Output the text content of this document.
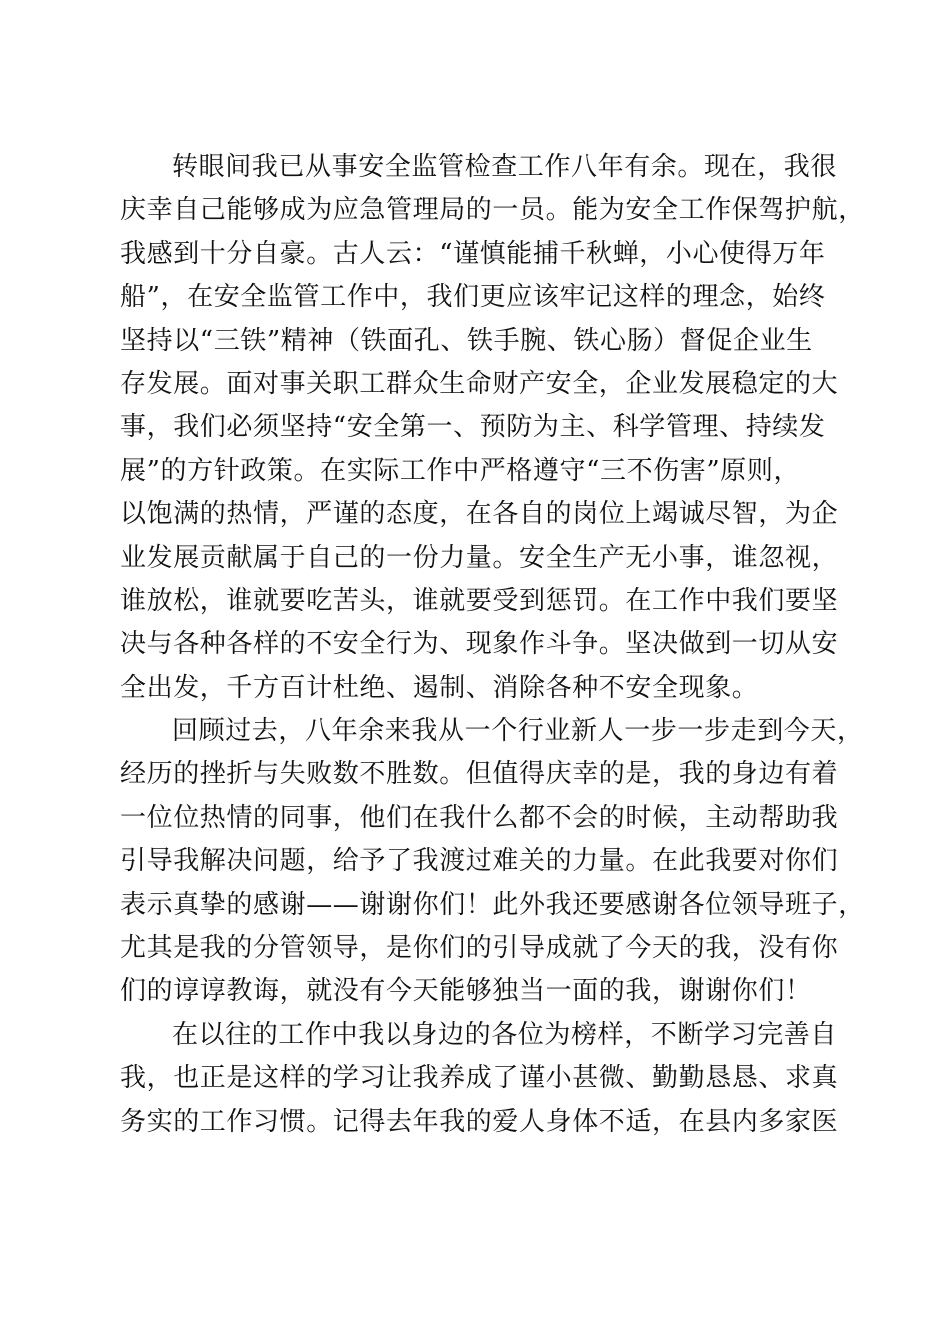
转眼间我已从事安全监管检查工作八年有余。现在，我很
庆幸自己能够成为应急管理局的一员。能为安全工作保驾护航，
我感到十分自豪。古人云：“谨慎能捕千秋蝉，小心使得万年
船”，在安全监管工作中，我们更应该牢记这样的理念，始终
坚持以“三铁”精神（铁面孔、铁手腕、铁心肠）督促企业生
存发展。面对事关职工群众生命财产安全，企业发展稳定的大
事，我们必须坚持“安全第一、预防为主、科学管理、持续发
展”的方针政策。在实际工作中严格遵守“三不伤害”原则，
以饱满的热情，严谨的态度，在各自的岗位上竭诚尽智，为企
业发展贡献属于自己的一份力量。安全生产无小事，谁忽视，
谁放松，谁就要吃苦头，谁就要受到惩罚。在工作中我们要坚
决与各种各样的不安全行为、现象作斗争。坚决做到一切从安
全出发，千方百计杜绝、遏制、消除各种不安全现象。
回顾过去，八年余来我从一个行业新人一步一步走到今天，
经历的挫折与失败数不胜数。但值得庆幸的是，我的身边有着
一位位热情的同事，他们在我什么都不会的时候，主动帮助我
引导我解决问题，给予了我渡过难关的力量。在此我要对你们
表示真挚的感谢——谢谢你们！此外我还要感谢各位领导班子，
尤其是我的分管领导，是你们的引导成就了今天的我，没有你
们的谆谆教诲，就没有今天能够独当一面的我，谢谢你们！
在以往的工作中我以身边的各位为榜样，不断学习完善自
我，也正是这样的学习让我养成了谨小甚微、勤勤恳恳、求真
务实的工作习惯。记得去年我的爱人身体不适，在县内多家医
